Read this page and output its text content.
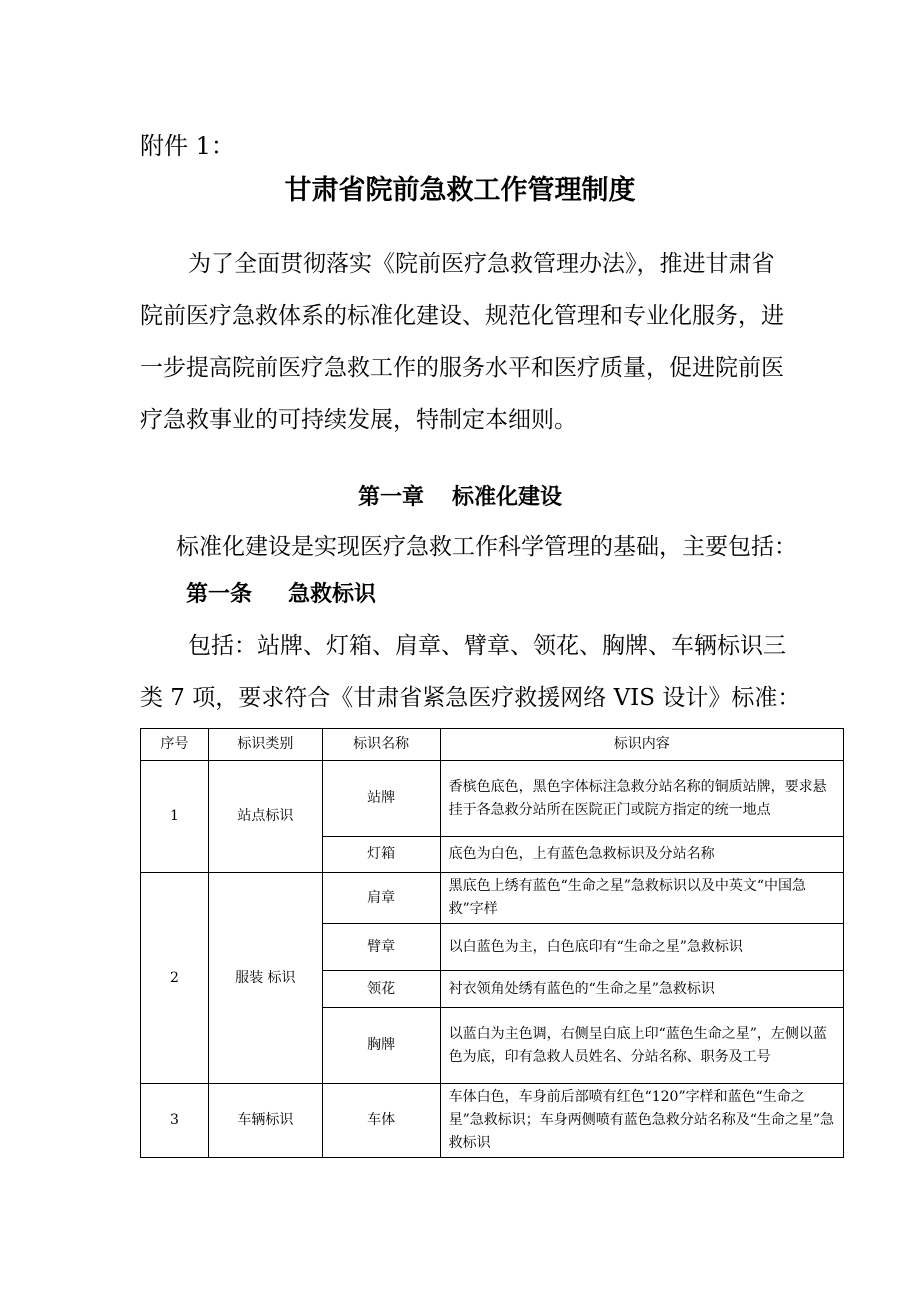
附件 1：
甘肃省院前急救工作管理制度
为了全面贯彻落实《院前医疗急救管理办法》，推进甘肃省
院前医疗急救体系的标准化建设、规范化管理和专业化服务，进
一步提高院前医疗急救工作的服务水平和医疗质量，促进院前医
疗急救事业的可持续发展，特制定本细则。
第一章 标准化建设
标准化建设是实现医疗急救工作科学管理的基础，主要包括：
第一条 急救标识
包括：站牌、灯箱、肩章、臂章、领花、胸牌、车辆标识三
类 7 项，要求符合《甘肃省紧急医疗救援网络 VIS 设计》标准：
序号	标识类别	标识名称	标识内容
1	站点标识	站牌	香槟色底色，黑色字体标注急救分站名称的铜质站牌，要求悬挂于各急救分站所在医院正门或院方指定的统一地点
		灯箱	底色为白色，上有蓝色急救标识及分站名称
2	服装 标识	肩章	黑底色上绣有蓝色“生命之星”急救标识以及中英文“中国急救”字样
		臂章	以白蓝色为主，白色底印有“生命之星”急救标识
		领花	衬衣领角处绣有蓝色的“生命之星”急救标识
		胸牌	以蓝白为主色调，右侧呈白底上印“蓝色生命之星”，左侧以蓝色为底，印有急救人员姓名、分站名称、职务及工号
3	车辆标识	车体	车体白色，车身前后部喷有红色“120”字样和蓝色“生命之星”急救标识；车身两侧喷有蓝色急救分站名称及“生命之星”急救标识
